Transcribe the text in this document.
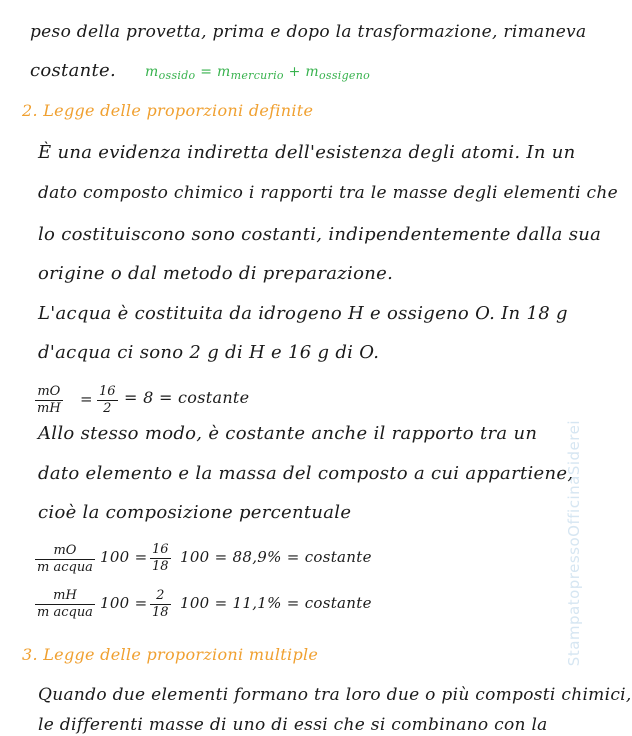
peso della provetta, prima e dopo la trasformazione, rimaneva
costante. $m_{ossido} = m_{mercurio} + m_{ossigeno}$
2. Legge delle proporzioni definite
È una evidenza indiretta dell'esistenza degli atomi. In un
dato composto chimico i rapporti tra le masse degli elementi che
lo costituiscono sono costanti, indipendentemente dalla sua
origine o dal metodo di preparazione.
L'acqua è costituita da idrogeno H e ossigeno O. In 18 g
d'acqua ci sono 2 g di H e 16 g di O.
mO
mH
= 16
2
= 8 = costante
Allo stesso modo, è costante anche il rapporto tra un
dato elemento e la massa del composto a cui appartiene,
cioè la composizione percentuale
mO
m acqua
100 = 16
18
100 = 88,9% = costante
mH
m acqua
100 = 2
18
100 = 11,1% = costante
3. Legge delle proporzioni multiple
Quando due elementi formano tra loro due o più composti chimici,
le differenti masse di uno di essi che si combinano con la
StampatopressoOfficinaSiderei
